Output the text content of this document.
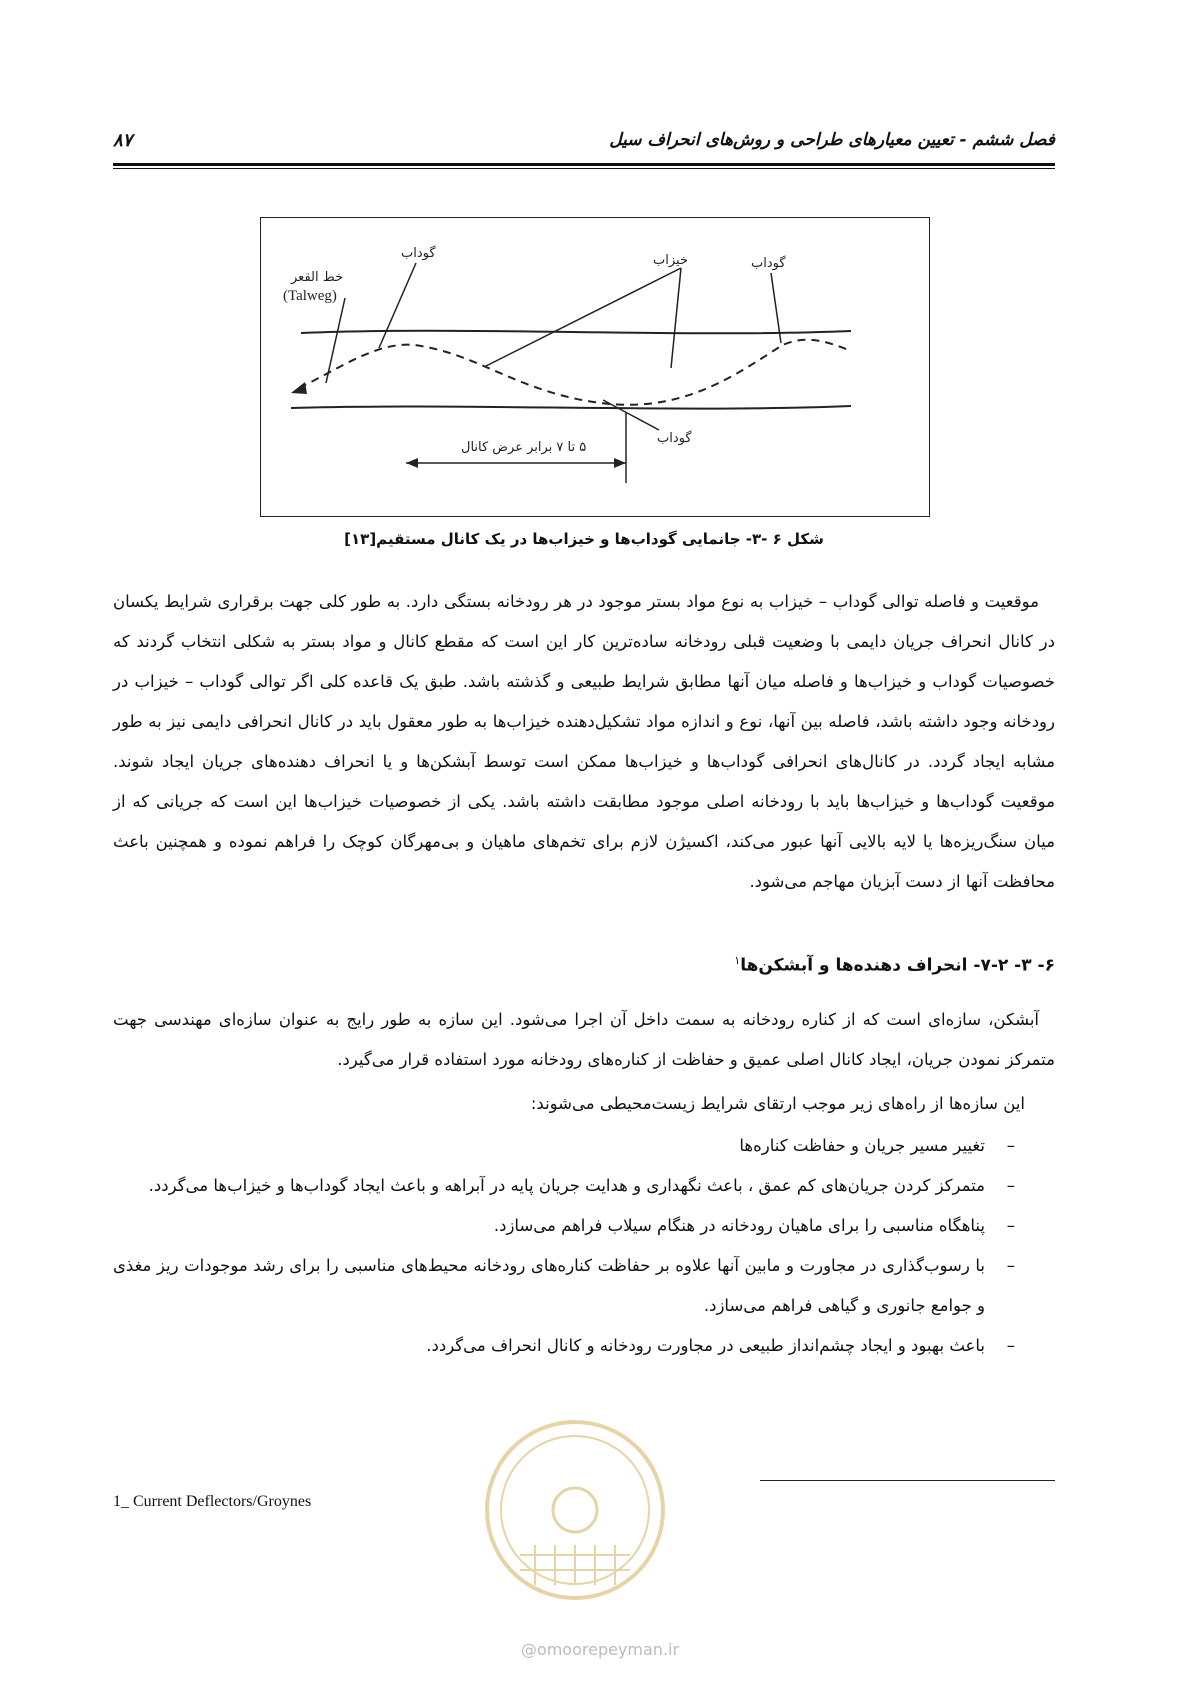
فصل ششم - تعیین معیارهای طراحی و روش‌های انحراف سیل
۸۷
خط القعر
(Talweg)
گوداب	خیزاب	گوداب
گوداب
۵ تا ۷ برابر عرض کانال
شکل ۶ -۳- جانمایی گوداب‌ها و خیزاب‌ها در یک کانال مستقیم[۱۳]
موقعیت و فاصله توالی گوداب – خیزاب به نوع مواد بستر موجود در هر رودخانه بستگی دارد. به طور کلی جهت برقراری شرایط یکسان در کانال انحراف جریان دایمی با وضعیت قبلی رودخانه ساده‌ترین کار این است که مقطع کانال و مواد بستر به شکلی انتخاب گردند که خصوصیات گوداب و خیزاب‌ها و فاصله میان آنها مطابق شرایط طبیعی و گذشته باشد. طبق یک قاعده کلی اگر توالی گوداب – خیزاب در رودخانه وجود داشته باشد، فاصله بین آنها، نوع و اندازه مواد تشکیل‌دهنده خیزاب‌ها به طور معقول باید در کانال انحرافی دایمی نیز به طور مشابه ایجاد گردد. در کانال‌های انحرافی گوداب‌ها و خیزاب‌ها ممکن است توسط آبشکن‌ها و یا انحراف دهنده‌های جریان ایجاد شوند. موقعیت گوداب‌ها و خیزاب‌ها باید با رودخانه اصلی موجود مطابقت داشته باشد. یکی از خصوصیات خیزاب‌ها این است که جریانی که از میان سنگ‌ریزه‌ها یا لایه بالایی آنها عبور می‌کند، اکسیژن لازم برای تخم‌های ماهیان و بی‌مهرگان کوچک را فراهم نموده و همچنین باعث محافظت آنها از دست آبزیان مهاجم می‌شود.
۶- ۳- ۷-۲- انحراف دهنده‌ها و آبشکن‌ها$^۱$
آبشکن، سازه‌ای است که از کناره رودخانه به سمت داخل آن اجرا می‌شود. این سازه به طور رایج به عنوان سازه‌ای مهندسی جهت متمرکز نمودن جریان، ایجاد کانال اصلی عمیق و حفاظت از کناره‌های رودخانه مورد استفاده قرار می‌گیرد.
این سازه‌ها از راه‌های زیر موجب ارتقای شرایط زیست‌محیطی می‌شوند:
–
تغییر مسیر جریان و حفاظت کناره‌ها
–
متمرکز کردن جریان‌های کم عمق ، باعث نگهداری و هدایت جریان پایه در آبراهه و باعث ایجاد گوداب‌ها و خیزاب‌ها می‌گردد.
–
پناهگاه مناسبی را برای ماهیان رودخانه در هنگام سیلاب فراهم می‌سازد.
–
با رسوب‌گذاری در مجاورت و مابین آنها علاوه بر حفاظت کناره‌های رودخانه محیط‌های مناسبی را برای رشد موجودات ریز مغذی و جوامع جانوری و گیاهی فراهم می‌سازد.
–
باعث بهبود و ایجاد چشم‌انداز طبیعی در مجاورت رودخانه و کانال انحراف می‌گردد.
1_ Current Deflectors/Groynes
@omoorepeyman.ir
